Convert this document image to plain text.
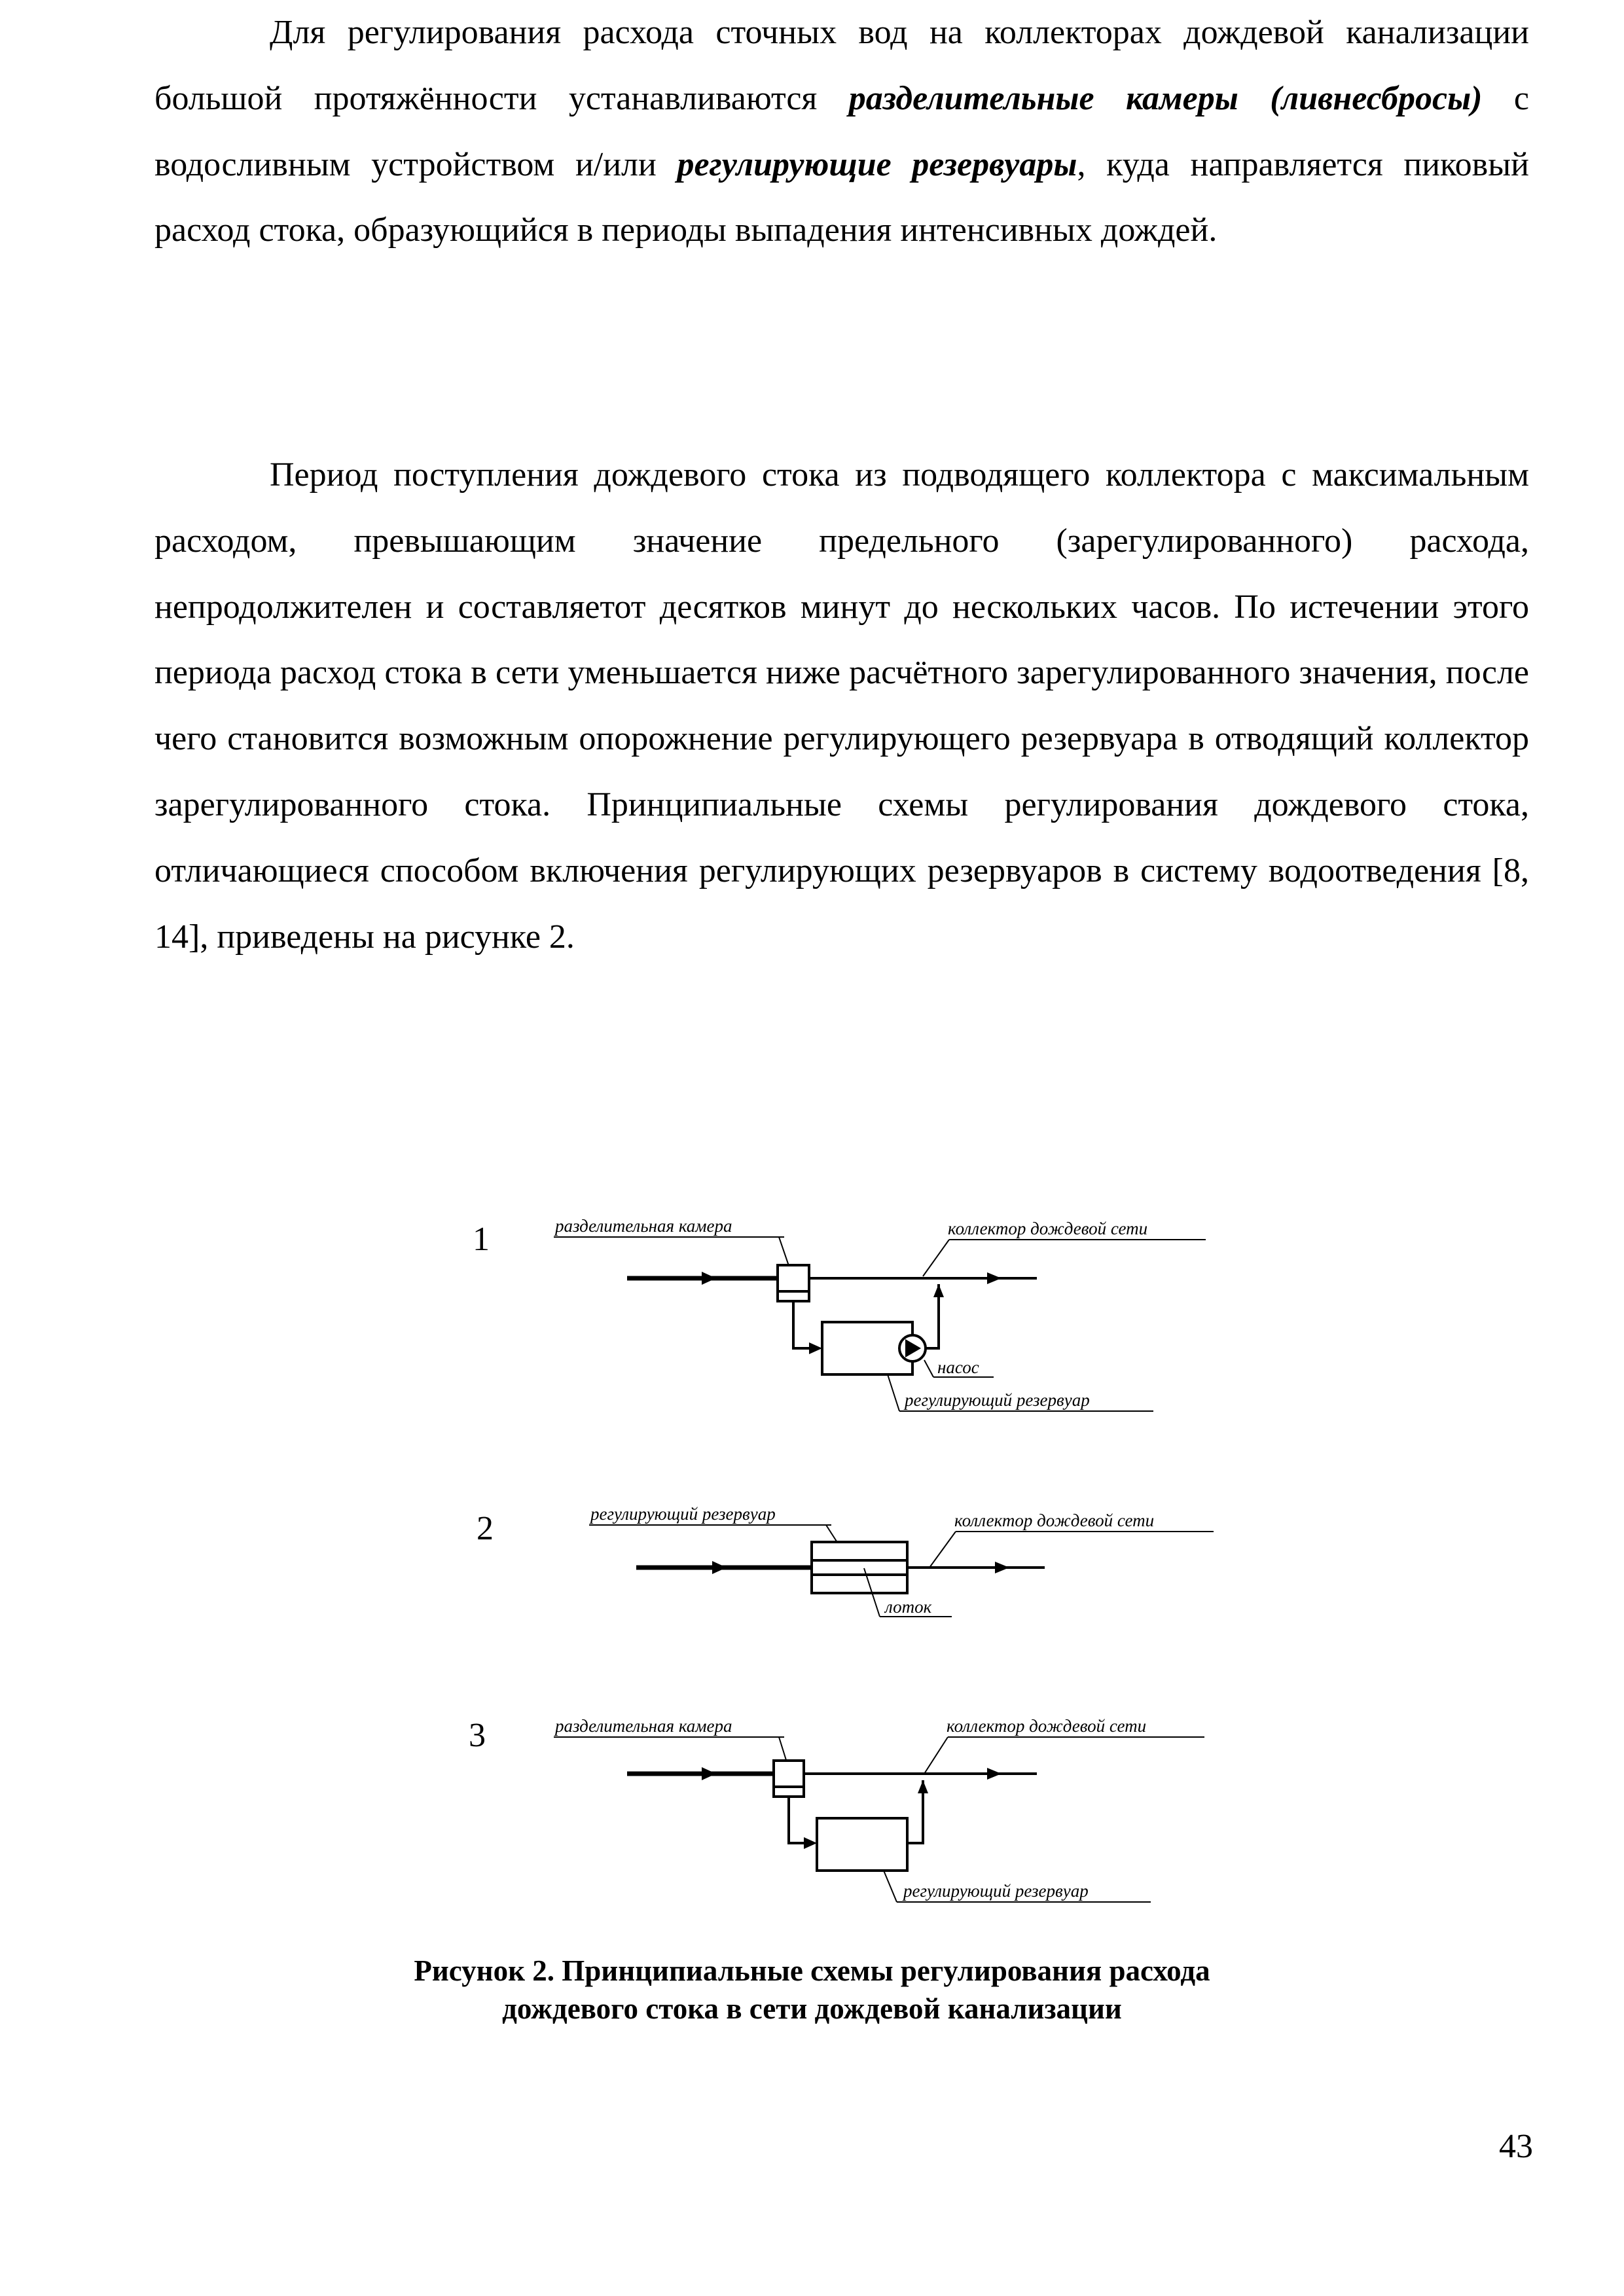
Для регулирования расхода сточных вод на коллекторах дождевой канализации большой протяжённости устанавливаются разделительные камеры (ливнесбросы) с водосливным устройством и/или регулирующие резервуары, куда направляется пиковый расход стока, образующийся в периоды выпадения интенсивных дождей.

Период поступления дождевого стока из подводящего коллектора с максимальным расходом, превышающим значение предельного (зарегулированного) расхода, непродолжителен и составляетот десятков минут до нескольких часов. По истечении этого периода расход стока в сети уменьшается ниже расчётного зарегулированного значения, после чего становится возможным опорожнение регулирующего резервуара в отводящий коллектор зарегулированного стока. Принципиальные схемы регулирования дождевого стока, отличающиеся способом включения регулирующих резервуаров в систему водоотведения [8, 14], приведены на рисунке 2.

1	разделительная камера	коллектор дождевой сети
насос
регулирующий резервуар
2	регулирующий резервуар	коллектор дождевой сети
лоток
3	разделительная камера	коллектор дождевой сети
регулирующий резервуар
Рисунок 2. Принципиальные схемы регулирования расхода
дождевого стока в сети дождевой канализации
43
